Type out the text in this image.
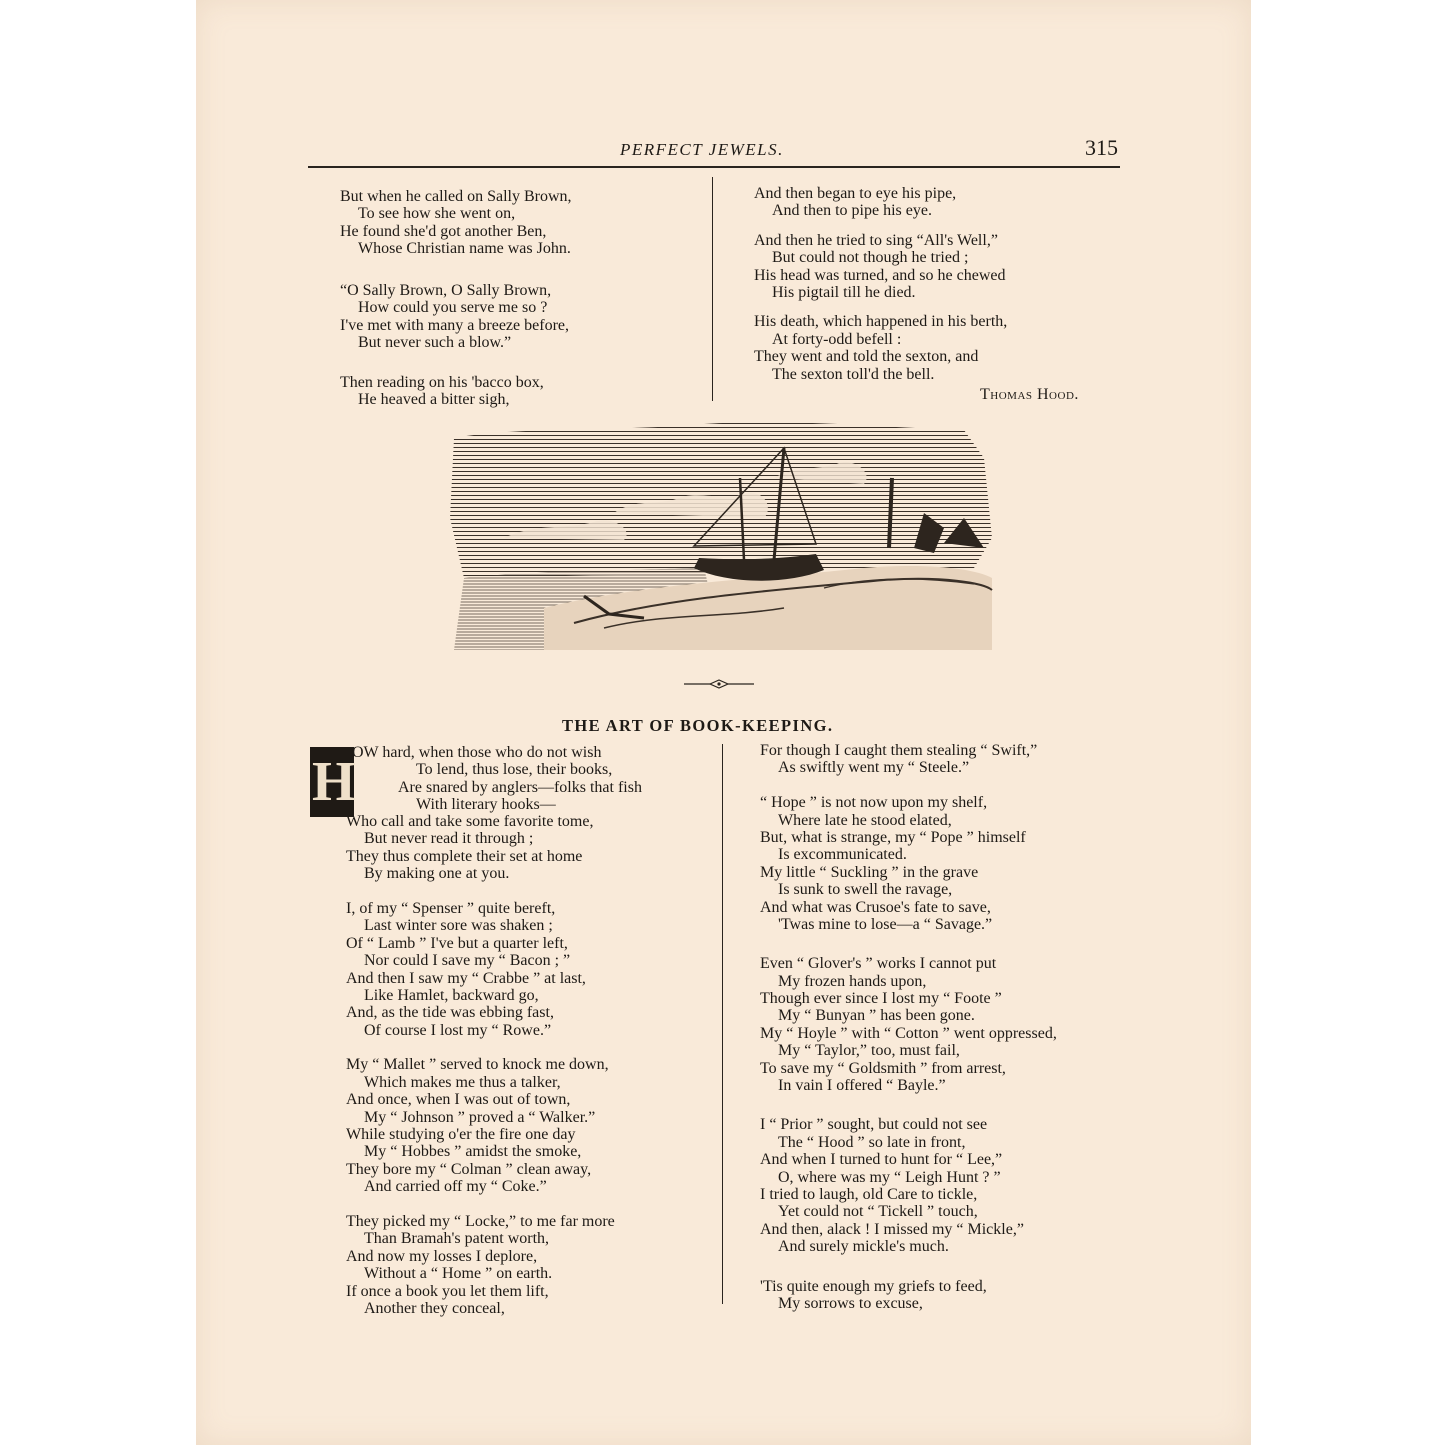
PERFECT JEWELS.	315
But when he called on Sally Brown,
To see how she went on,
He found she'd got another Ben,
Whose Christian name was John.
“O Sally Brown, O Sally Brown,
How could you serve me so ?
I've met with many a breeze before,
But never such a blow.”
Then reading on his 'bacco box,
He heaved a bitter sigh,
And then began to eye his pipe,
And then to pipe his eye.
And then he tried to sing “All's Well,”
But could not though he tried ;
His head was turned, and so he chewed
His pigtail till he died.
His death, which happened in his berth,
At forty-odd befell :
They went and told the sexton, and
The sexton toll'd the bell.
Thomas Hood.
THE ART OF BOOK-KEEPING.
H
OW hard, when those who do not wish
To lend, thus lose, their books,
Are snared by anglers—folks that fish
With literary hooks—
Who call and take some favorite tome,
But never read it through ;
They thus complete their set at home
By making one at you.
I, of my “ Spenser ” quite bereft,
Last winter sore was shaken ;
Of “ Lamb ” I've but a quarter left,
Nor could I save my “ Bacon ; ”
And then I saw my “ Crabbe ” at last,
Like Hamlet, backward go,
And, as the tide was ebbing fast,
Of course I lost my “ Rowe.”
My “ Mallet ” served to knock me down,
Which makes me thus a talker,
And once, when I was out of town,
My “ Johnson ” proved a “ Walker.”
While studying o'er the fire one day
My “ Hobbes ” amidst the smoke,
They bore my “ Colman ” clean away,
And carried off my “ Coke.”
They picked my “ Locke,” to me far more
Than Bramah's patent worth,
And now my losses I deplore,
Without a “ Home ” on earth.
If once a book you let them lift,
Another they conceal,
For though I caught them stealing “ Swift,”
As swiftly went my “ Steele.”
“ Hope ” is not now upon my shelf,
Where late he stood elated,
But, what is strange, my “ Pope ” himself
Is excommunicated.
My little “ Suckling ” in the grave
Is sunk to swell the ravage,
And what was Crusoe's fate to save,
'Twas mine to lose—a “ Savage.”
Even “ Glover's ” works I cannot put
My frozen hands upon,
Though ever since I lost my “ Foote ”
My “ Bunyan ” has been gone.
My “ Hoyle ” with “ Cotton ” went oppressed,
My “ Taylor,” too, must fail,
To save my “ Goldsmith ” from arrest,
In vain I offered “ Bayle.”
I “ Prior ” sought, but could not see
The “ Hood ” so late in front,
And when I turned to hunt for “ Lee,”
O, where was my “ Leigh Hunt ? ”
I tried to laugh, old Care to tickle,
Yet could not “ Tickell ” touch,
And then, alack ! I missed my “ Mickle,”
And surely mickle's much.
'Tis quite enough my griefs to feed,
My sorrows to excuse,
